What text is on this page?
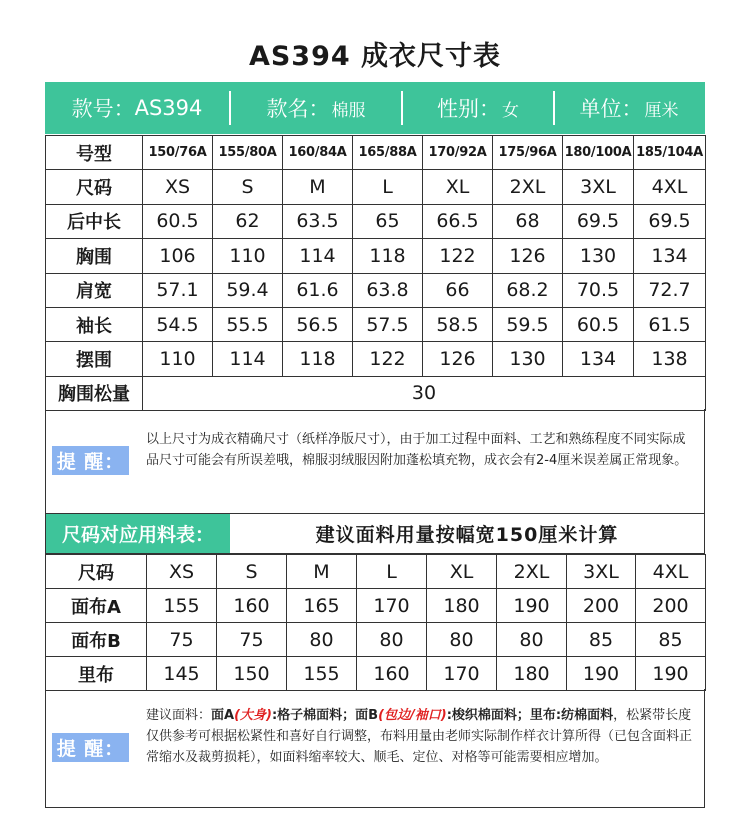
AS394 成衣尺寸表
款号： AS394	款名： 棉服	性别： 女	单位： 厘米
号型	150/76A	155/80A	160/84A	165/88A	170/92A	175/96A	180/100A	185/104A
尺码	XS	S	M	L	XL	2XL	3XL	4XL
后中长	60.5	62	63.5	65	66.5	68	69.5	69.5
胸围	106	110	114	118	122	126	130	134
肩宽	57.1	59.4	61.6	63.8	66	68.2	70.5	72.7
袖长	54.5	55.5	56.5	57.5	58.5	59.5	60.5	61.5
摆围	110	114	118	122	126	130	134	138
胸围松量	30							
提 醒：

以上尺寸为成衣精确尺寸（纸样净版尺寸），由于加工过程中面料、工艺和熟练程度不同实际成品尺寸可能会有所误差哦，棉服羽绒服因附加蓬松填充物，成衣会有2-4厘米误差属正常现象。

尺码对应用料表：	建议面料用量按幅宽150厘米计算
尺码	XS	S	M	L	XL	2XL	3XL	4XL
面布A	155	160	165	170	180	190	200	200
面布B	75	75	80	80	80	80	85	85
里布	145	150	155	160	170	180	190	190
提 醒：

建议面料：面A(大身):格子棉面料；面B(包边/袖口):梭织棉面料；里布:纺棉面料，松紧带长度仅供参考可根据松紧性和喜好自行调整，布料用量由老师实际制作样衣计算所得（已包含面料正常缩水及裁剪损耗），如面料缩率较大、顺毛、定位、对格等可能需要相应增加。
